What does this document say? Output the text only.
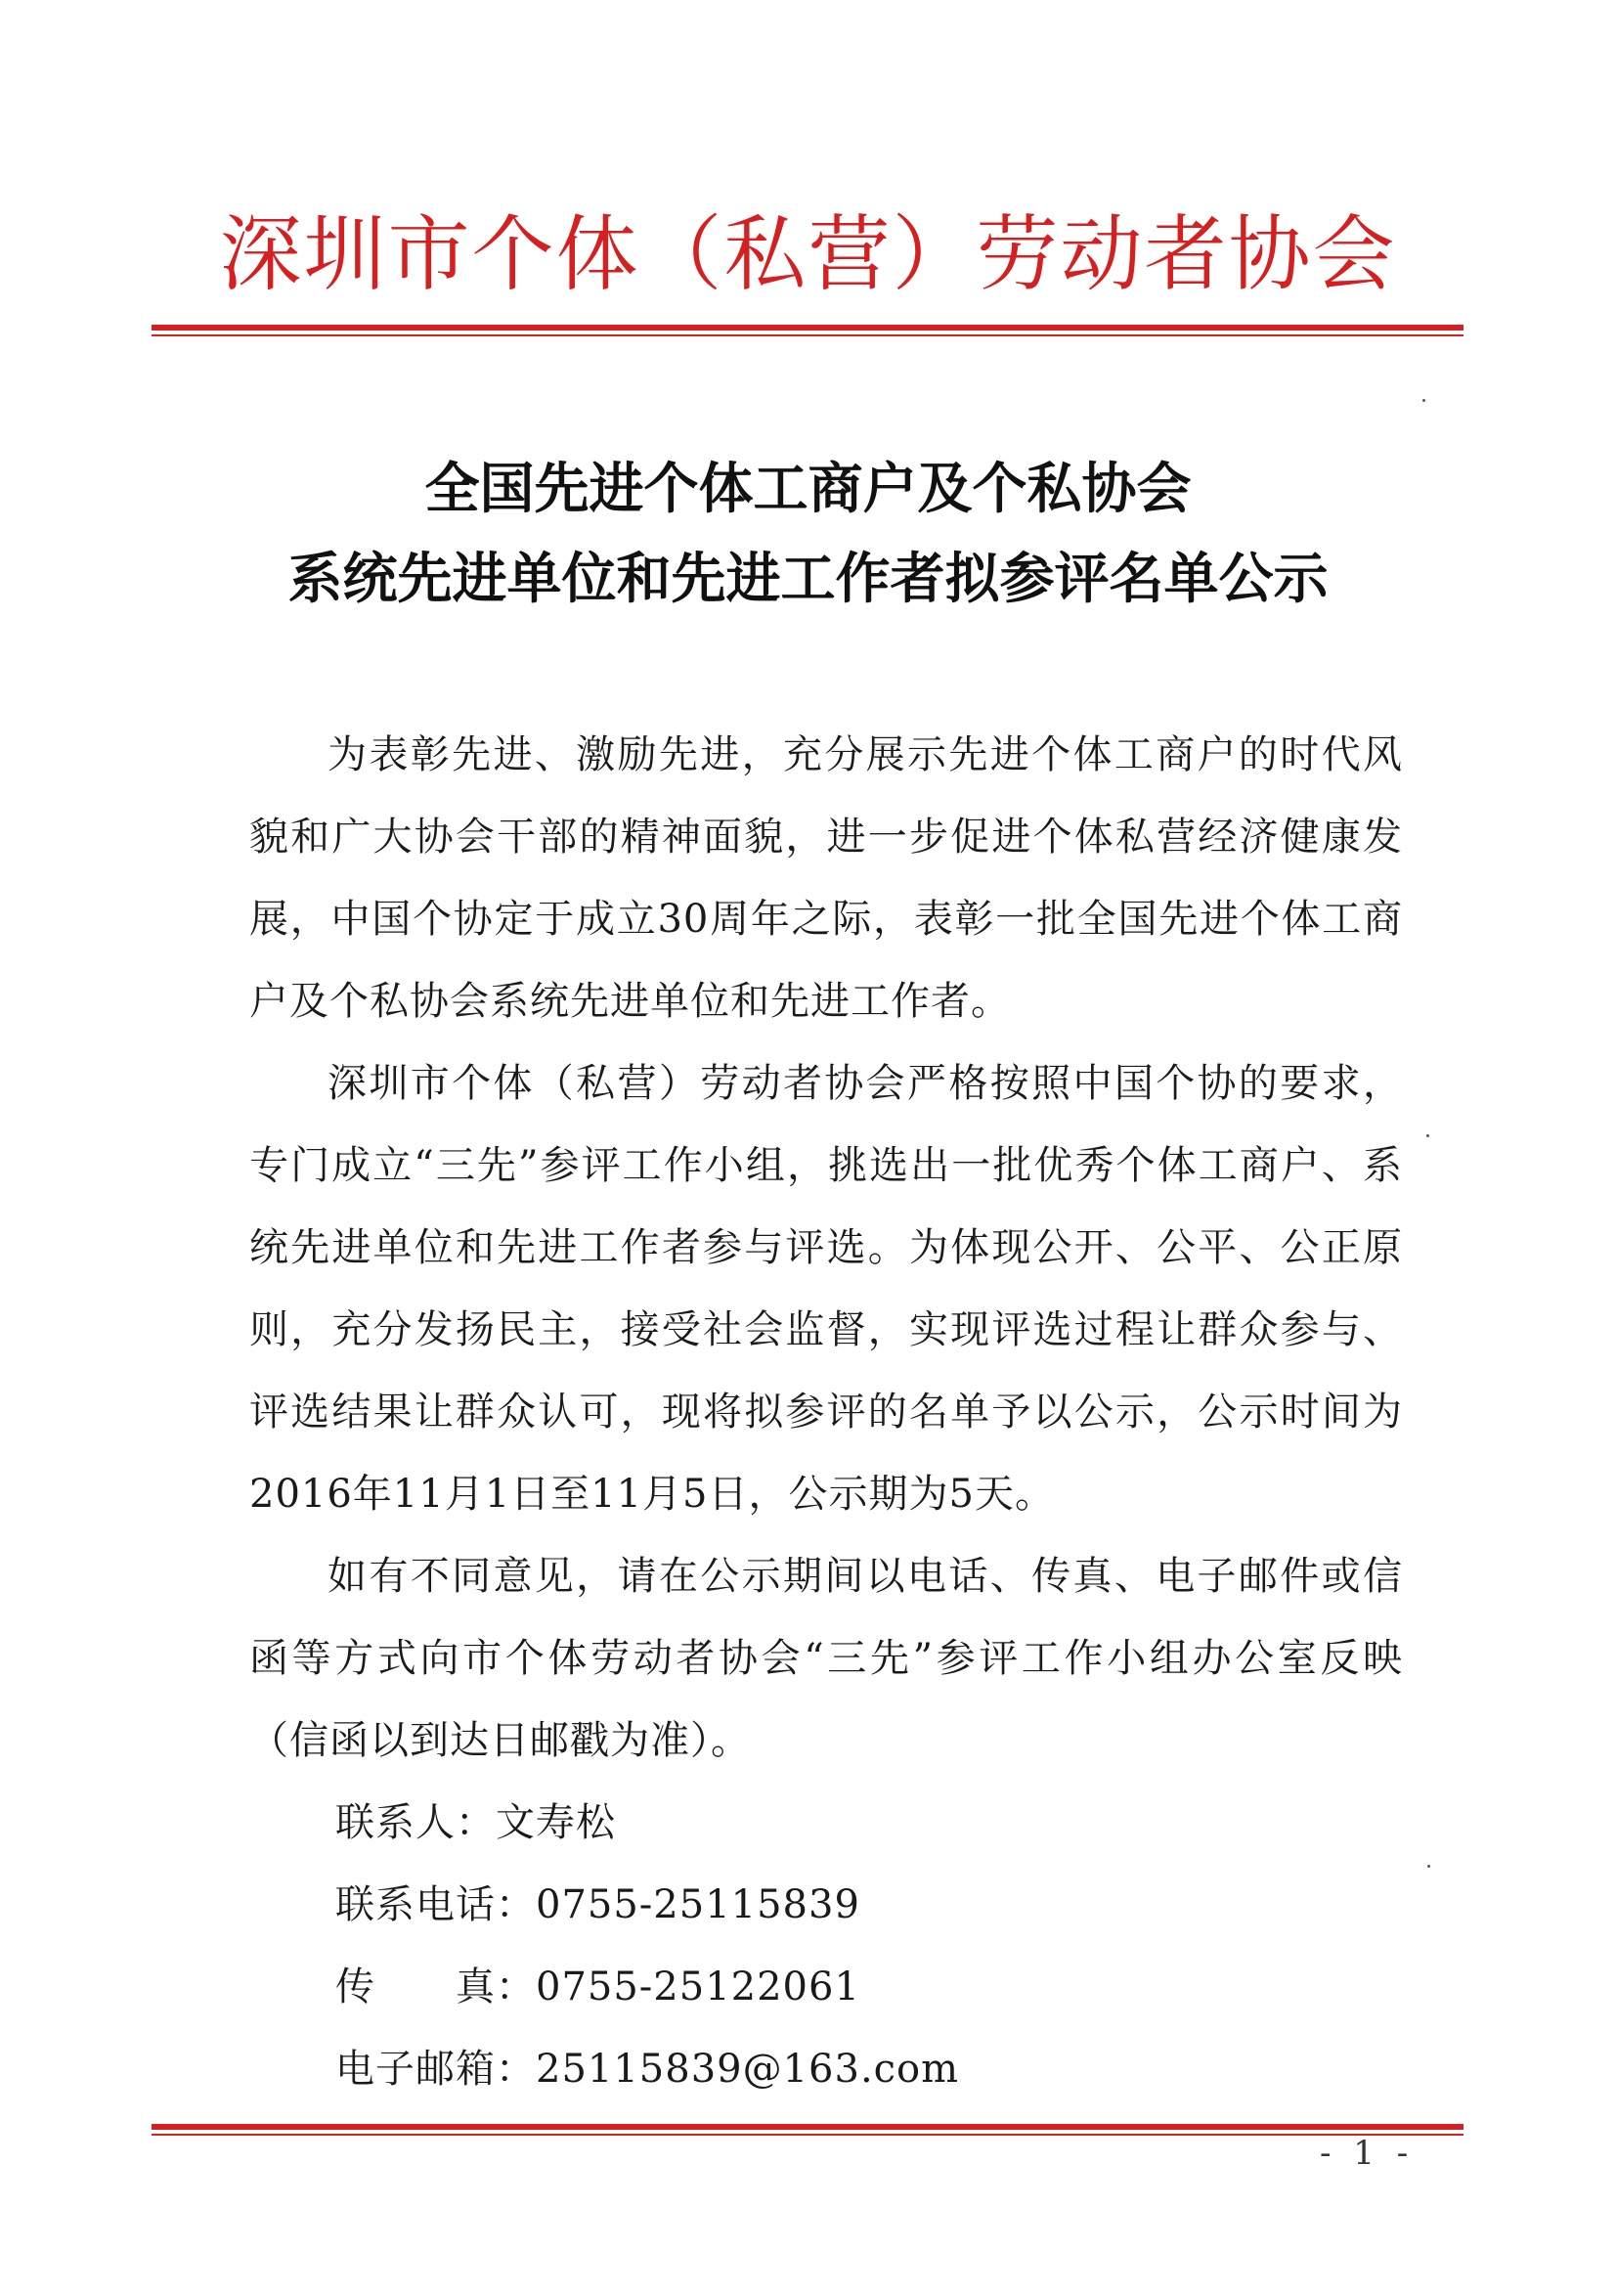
深圳市个体（私营）劳动者协会
全国先进个体工商户及个私协会
系统先进单位和先进工作者拟参评名单公示

为表彰先进、激励先进，充分展示先进个体工商户的时代风貌和广大协会干部的精神面貌，进一步促进个体私营经济健康发展，中国个协定于成立30周年之际，表彰一批全国先进个体工商户及个私协会系统先进单位和先进工作者。

深圳市个体（私营）劳动者协会严格按照中国个协的要求，专门成立“三先”参评工作小组，挑选出一批优秀个体工商户、系统先进单位和先进工作者参与评选。为体现公开、公平、公正原则，充分发扬民主，接受社会监督，实现评选过程让群众参与、评选结果让群众认可，现将拟参评的名单予以公示，公示时间为2016年11月1日至11月5日，公示期为5天。

如有不同意见，请在公示期间以电话、传真、电子邮件或信函等方式向市个体劳动者协会“三先”参评工作小组办公室反映（信函以到达日邮戳为准）。

联系人：文寿松
联系电话：0755-25115839
传　　真：0755-25122061
电子邮箱：25115839@163.com
- 1 -
